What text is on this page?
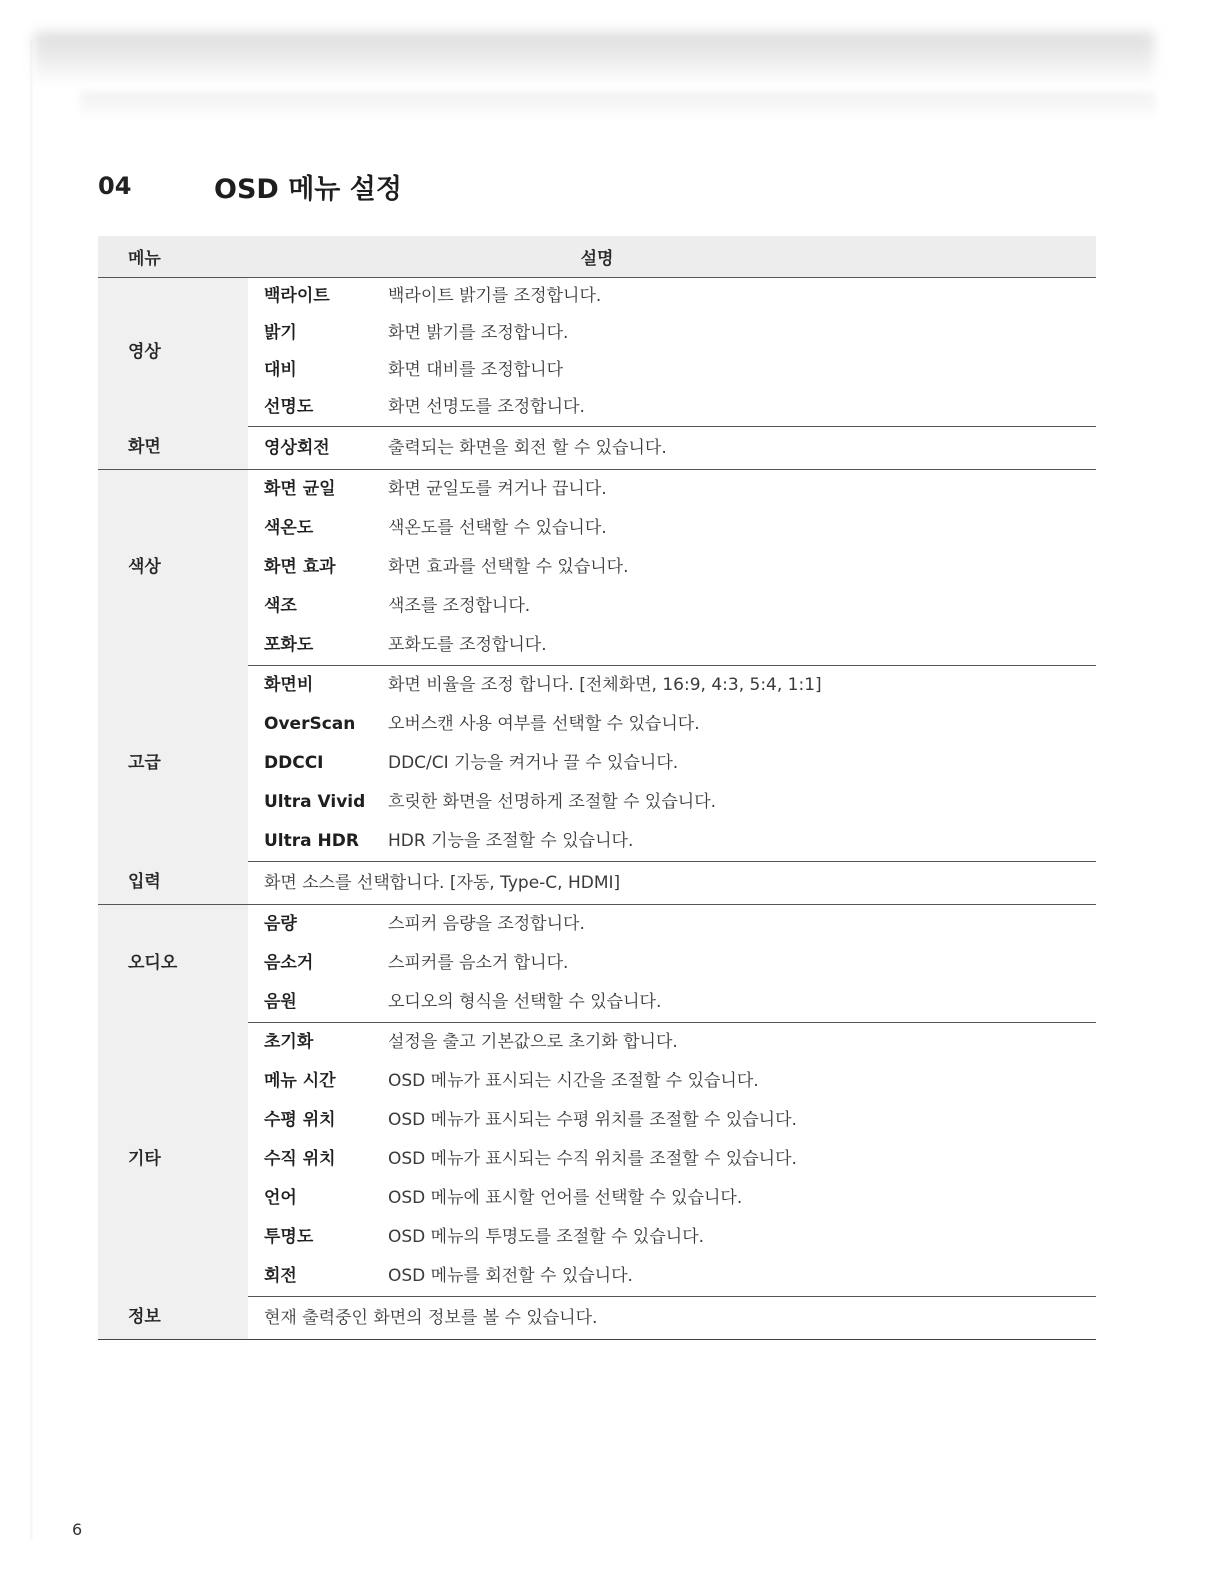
04	OSD 메뉴 설정
메뉴	설명	
영상	백라이트	백라이트 밝기를 조정합니다.
	밝기	화면 밝기를 조정합니다.
	대비	화면 대비를 조정합니다
	선명도	화면 선명도를 조정합니다.
화면	영상회전	출력되는 화면을 회전 할 수 있습니다.
색상	화면 균일	화면 균일도를 켜거나 끕니다.
	색온도	색온도를 선택할 수 있습니다.
	화면 효과	화면 효과를 선택할 수 있습니다.
	색조	색조를 조정합니다.
	포화도	포화도를 조정합니다.
고급	화면비	화면 비율을 조정 합니다. [전체화면, 16:9, 4:3, 5:4, 1:1]
	OverScan	오버스캔 사용 여부를 선택할 수 있습니다.
	DDCCI	DDC/CI 기능을 켜거나 끌 수 있습니다.
	Ultra Vivid	흐릿한 화면을 선명하게 조절할 수 있습니다.
	Ultra HDR	HDR 기능을 조절할 수 있습니다.
입력	화면 소스를 선택합니다. [자동, Type-C, HDMI]	
오디오	음량	스피커 음량을 조정합니다.
	음소거	스피커를 음소거 합니다.
	음원	오디오의 형식을 선택할 수 있습니다.
기타	초기화	설정을 출고 기본값으로 초기화 합니다.
	메뉴 시간	OSD 메뉴가 표시되는 시간을 조절할 수 있습니다.
	수평 위치	OSD 메뉴가 표시되는 수평 위치를 조절할 수 있습니다.
	수직 위치	OSD 메뉴가 표시되는 수직 위치를 조절할 수 있습니다.
	언어	OSD 메뉴에 표시할 언어를 선택할 수 있습니다.
	투명도	OSD 메뉴의 투명도를 조절할 수 있습니다.
	회전	OSD 메뉴를 회전할 수 있습니다.
정보	현재 출력중인 화면의 정보를 볼 수 있습니다.	
6
